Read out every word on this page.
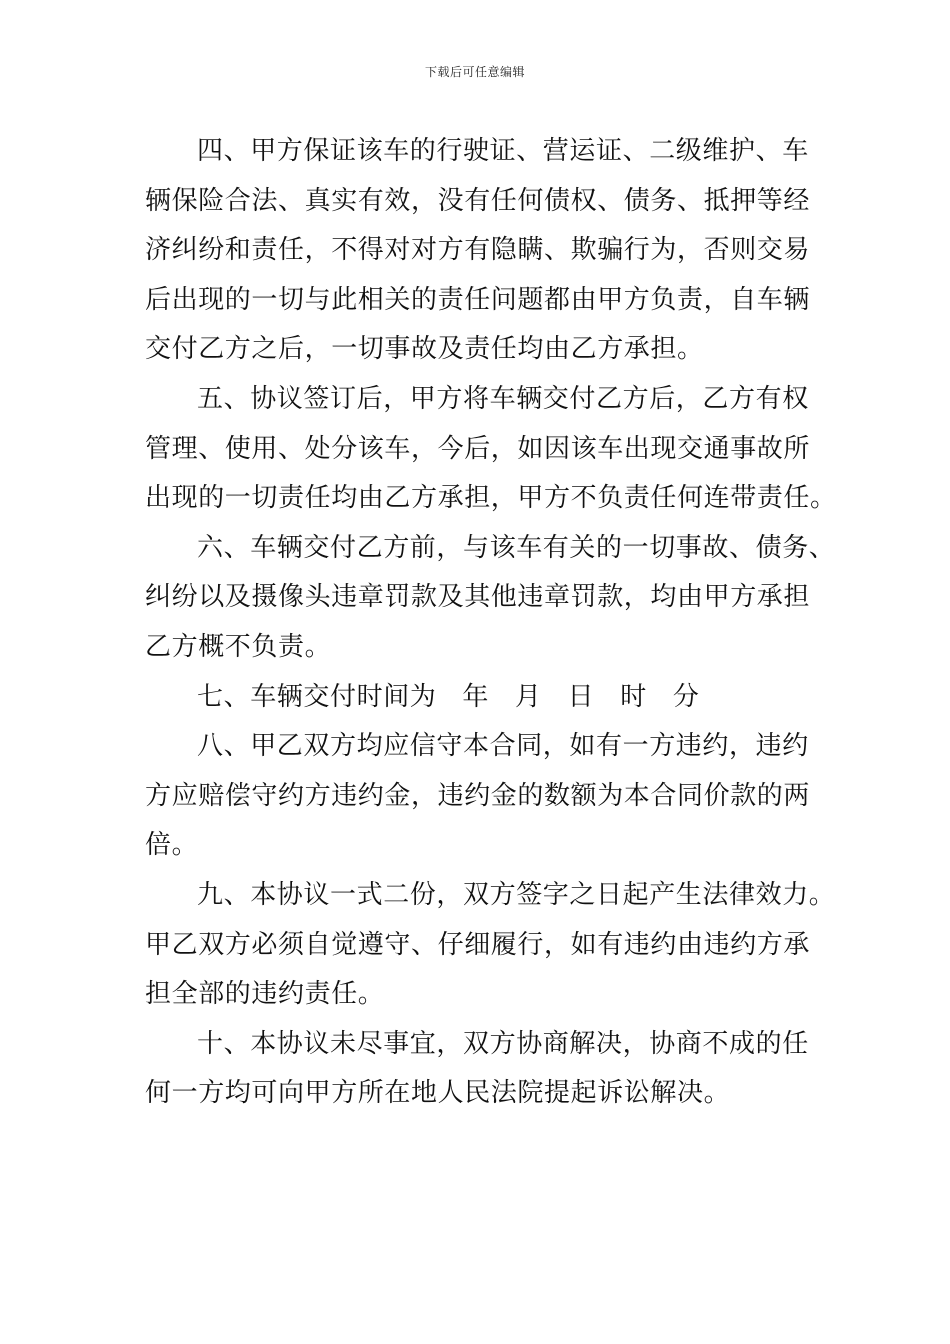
下载后可任意编辑
四、甲方保证该车的行驶证、营运证、二级维护、车
辆保险合法、真实有效，没有任何债权、债务、抵押等经
济纠纷和责任，不得对对方有隐瞒、欺骗行为，否则交易
后出现的一切与此相关的责任问题都由甲方负责，自车辆
交付乙方之后，一切事故及责任均由乙方承担。
五、协议签订后，甲方将车辆交付乙方后，乙方有权
管理、使用、处分该车，今后，如因该车出现交通事故所
出现的一切责任均由乙方承担，甲方不负责任何连带责任。
六、车辆交付乙方前，与该车有关的一切事故、债务、
纠纷以及摄像头违章罚款及其他违章罚款，均由甲方承担
乙方概不负责。
七、车辆交付时间为 年 月 日 时 分
八、甲乙双方均应信守本合同，如有一方违约，违约
方应赔偿守约方违约金，违约金的数额为本合同价款的两
倍。
九、本协议一式二份，双方签字之日起产生法律效力。
甲乙双方必须自觉遵守、仔细履行，如有违约由违约方承
担全部的违约责任。
十、本协议未尽事宜，双方协商解决，协商不成的任
何一方均可向甲方所在地人民法院提起诉讼解决。
